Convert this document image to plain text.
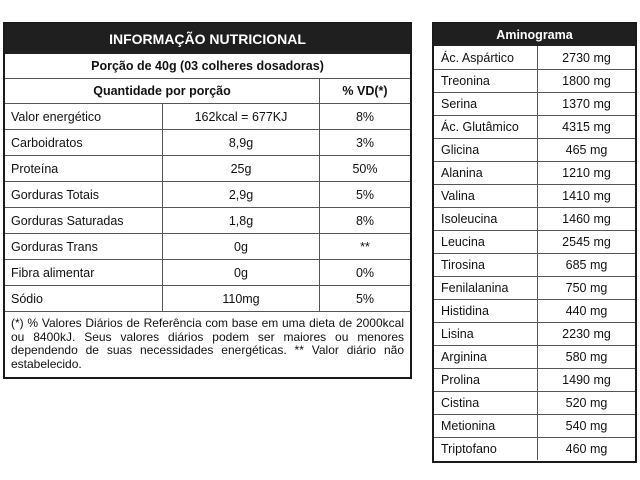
INFORMAÇÃO NUTRICIONAL
Porção de 40g (03 colheres dosadoras)
Quantidade por porção	% VD(*)
Valor energético	162kcal = 677KJ	8%
Carboidratos	8,9g	3%
Proteína	25g	50%
Gorduras Totais	2,9g	5%
Gorduras Saturadas	1,8g	8%
Gorduras Trans	0g	**
Fibra alimentar	0g	0%
Sódio	110mg	5%
(*) % Valores Diários de Referência com base em uma dieta de 2000kcal ou 8400kJ. Seus valores diários podem ser maiores ou menores dependendo de suas necessidades energéticas. ** Valor diário não estabelecido.
Aminograma
Ác. Aspártico	2730 mg
Treonina	1800 mg
Serina	1370 mg
Ác. Glutâmico	4315 mg
Glicina	465 mg
Alanina	1210 mg
Valina	1410 mg
Isoleucina	1460 mg
Leucina	2545 mg
Tirosina	685 mg
Fenilalanina	750 mg
Histidina	440 mg
Lisina	2230 mg
Arginina	580 mg
Prolina	1490 mg
Cistina	520 mg
Metionina	540 mg
Triptofano	460 mg
